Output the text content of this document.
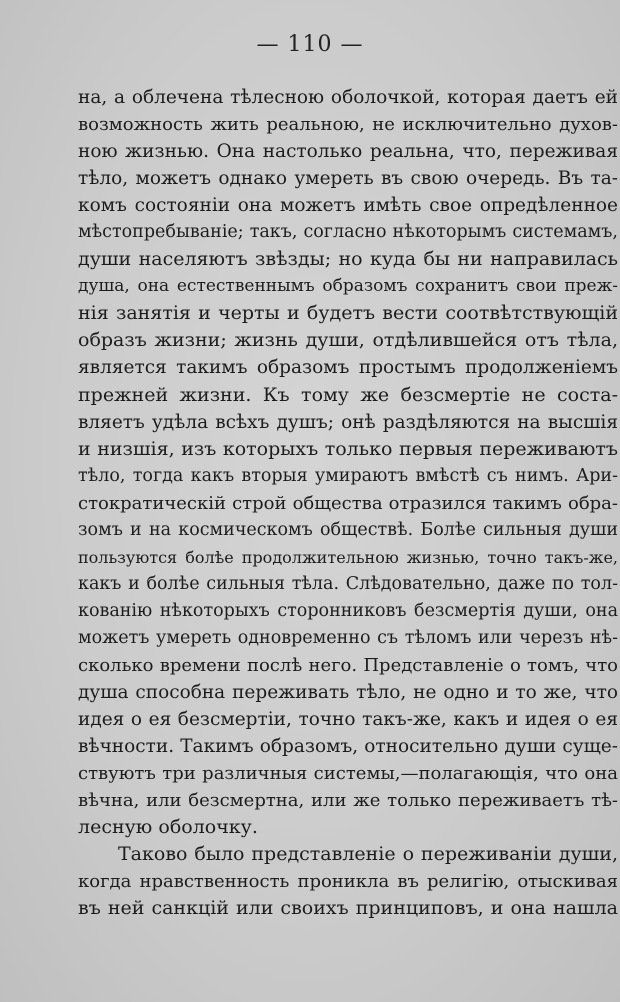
— 110 —
на, а облечена тѣлесною оболочкой, которая даетъ ей
возможность жить реальною, не исключительно духов-
ною жизнью. Она настолько реальна, что, переживая
тѣло, можетъ однако умереть въ свою очередь. Въ та-
комъ состояніи она можетъ имѣть свое опредѣленное
мѣстопребываніе; такъ, согласно нѣкоторымъ системамъ,
души населяютъ звѣзды; но куда бы ни направилась
душа, она естественнымъ образомъ сохранитъ свои преж-
нія занятія и черты и будетъ вести соотвѣтствующій
образъ жизни; жизнь души, отдѣлившейся отъ тѣла,
является такимъ образомъ простымъ продолженіемъ
прежней жизни. Къ тому же безсмертіе не соста-
вляетъ удѣла всѣхъ душъ; онѣ раздѣляются на высшія
и низшія, изъ которыхъ только первыя переживаютъ
тѣло, тогда какъ вторыя умираютъ вмѣстѣ съ нимъ. Ари-
стократическій строй общества отразился такимъ обра-
зомъ и на космическомъ обществѣ. Болѣе сильныя души
пользуются болѣе продолжительною жизнью, точно такъ-же,
какъ и болѣе сильныя тѣла. Слѣдовательно, даже по тол-
кованію нѣкоторыхъ сторонниковъ безсмертія души, она
можетъ умереть одновременно съ тѣломъ или черезъ нѣ-
сколько времени послѣ него. Представленіе о томъ, что
душа способна переживать тѣло, не одно и то же, что
идея о ея безсмертіи, точно такъ-же, какъ и идея о ея
вѣчности. Такимъ образомъ, относительно души суще-
ствуютъ три различныя системы,—полагающія, что она
вѣчна, или безсмертна, или же только переживаетъ тѣ-
лесную оболочку.
Таково было представленіе о переживаніи души,
когда нравственность проникла въ религію, отыскивая
въ ней санкцій или своихъ принциповъ, и она нашла
